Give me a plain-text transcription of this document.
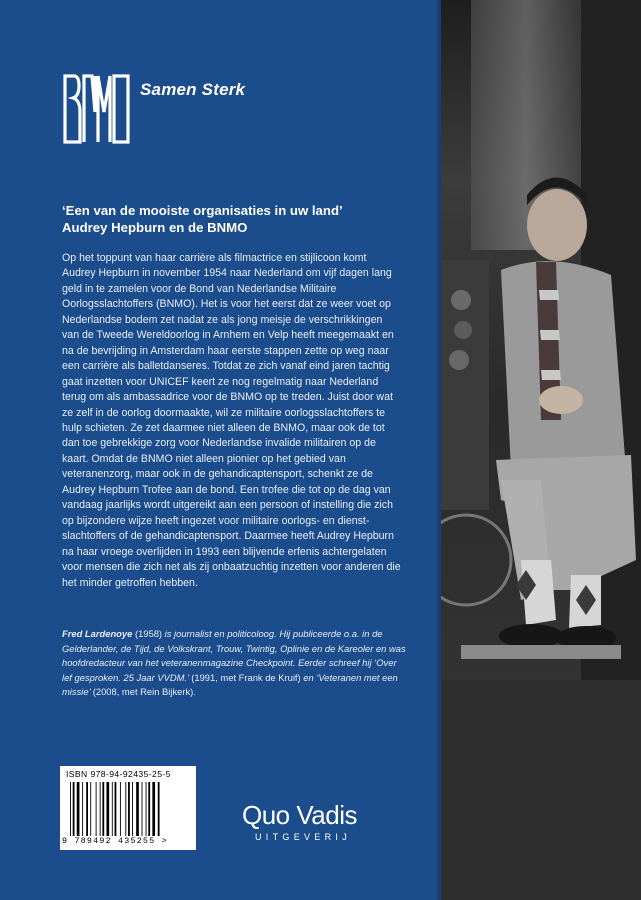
Samen Sterk
‘Een van de mooiste organisaties in uw land’
Audrey Hepburn en de BNMO

Op het toppunt van haar carrière als filmactrice en stijlicoon komt Audrey Hepburn in november 1954 naar Nederland om vijf dagen lang geld in te zamelen voor de Bond van Nederlandse Militaire Oorlogsslachtoffers (BNMO). Het is voor het eerst dat ze weer voet op Nederlandse bodem zet nadat ze als jong meisje de verschrikkingen van de Tweede Wereldoorlog in Arnhem en Velp heeft meegemaakt en na de bevrijding in Amsterdam haar eerste stappen zette op weg naar een carrière als balletdanseres. Totdat ze zich vanaf eind jaren tachtig gaat inzetten voor UNICEF keert ze nog regelmatig naar Nederland terug om als ambassadrice voor de BNMO op te treden. Juist door wat ze zelf in de oorlog doormaakte, wil ze militaire oorlogsslachtoffers te hulp schieten. Ze zet daarmee niet alleen de BNMO, maar ook de tot dan toe gebrekkige zorg voor Nederlandse invalide militairen op de kaart. Omdat de BNMO niet alleen pionier op het gebied van veteranenzorg, maar ook in de gehandicaptensport, schenkt ze de Audrey Hepburn Trofee aan de bond. Een trofee die tot op de dag van vandaag jaarlijks wordt uitgereikt aan een persoon of instelling die zich op bijzondere wijze heeft ingezet voor militaire oorlogs- en dienstslachtoffers of de gehandicaptensport. Daarmee heeft Audrey Hepburn na haar vroege overlijden in 1993 een blijvende erfenis achtergelaten voor mensen die zich net als zij onbaatzuchtig inzetten voor anderen die het minder getroffen hebben.

Fred Lardenoye (1958) is journalist en politicoloog. Hij publiceerde o.a. in de Gelderlander, de Tijd, de Volkskrant, Trouw, Twintig, Oplinie en de Kareoler en was hoofdredacteur van het veteranenmagazine Checkpoint. Eerder schreef hij ‘Over lef gesproken. 25 Jaar VVDM.’ (1991, met Frank de Kruif) en ‘Veteranen met een missie’ (2008, met Rein Bijkerk).
ISBN 978-94-92435-25-5
9 789492 435255 >
Quo Vadis
UITGEVERIJ
